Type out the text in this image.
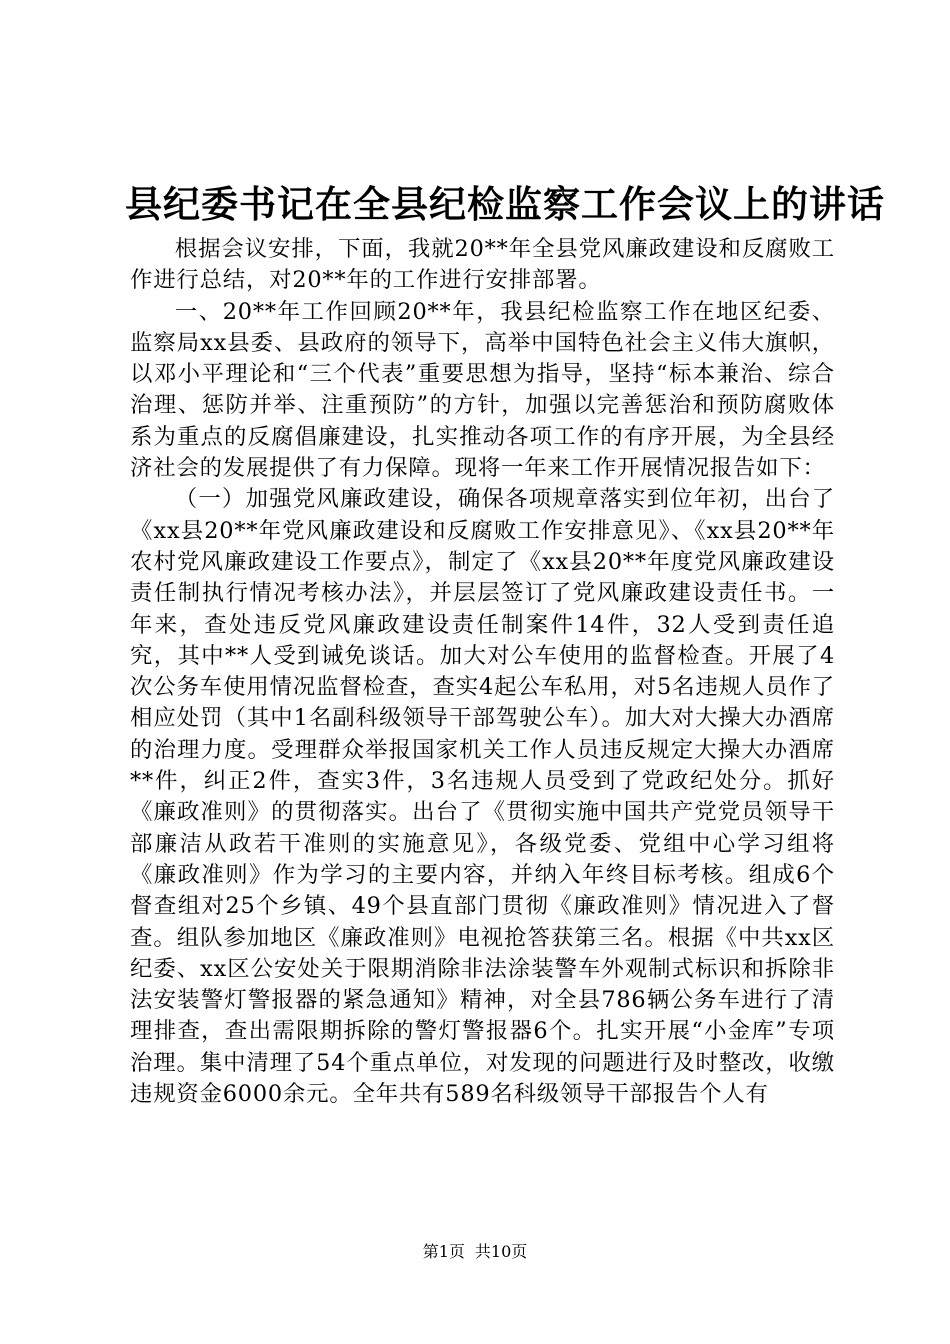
县纪委书记在全县纪检监察工作会议上的讲话

根据会议安排，下面，我就20**年全县党风廉政建设和反腐败工作进行总结，对20**年的工作进行安排部署。

一、20**年工作回顾20**年，我县纪检监察工作在地区纪委、监察局xx县委、县政府的领导下，高举中国特色社会主义伟大旗帜，以邓小平理论和“三个代表”重要思想为指导，坚持“标本兼治、综合治理、惩防并举、注重预防”的方针，加强以完善惩治和预防腐败体系为重点的反腐倡廉建设，扎实推动各项工作的有序开展，为全县经济社会的发展提供了有力保障。现将一年来工作开展情况报告如下：

（一）加强党风廉政建设，确保各项规章落实到位年初，出台了《xx县20**年党风廉政建设和反腐败工作安排意见》、《xx县20**年农村党风廉政建设工作要点》，制定了《xx县20**年度党风廉政建设责任制执行情况考核办法》，并层层签订了党风廉政建设责任书。一年来，查处违反党风廉政建设责任制案件14件，32人受到责任追究，其中**人受到诫免谈话。加大对公车使用的监督检查。开展了4次公务车使用情况监督检查，查实4起公车私用，对5名违规人员作了相应处罚（其中1名副科级领导干部驾驶公车）。加大对大操大办酒席的治理力度。受理群众举报国家机关工作人员违反规定大操大办酒席**件，纠正2件，查实3件，3名违规人员受到了党政纪处分。抓好《廉政准则》的贯彻落实。出台了《贯彻实施中国共产党党员领导干部廉洁从政若干准则的实施意见》，各级党委、党组中心学习组将《廉政准则》作为学习的主要内容，并纳入年终目标考核。组成6个督查组对25个乡镇、49个县直部门贯彻《廉政准则》情况进入了督查。组队参加地区《廉政准则》电视抢答获第三名。根据《中共xx区纪委、xx区公安处关于限期消除非法涂装警车外观制式标识和拆除非法安装警灯警报器的紧急通知》精神，对全县786辆公务车进行了清理排查，查出需限期拆除的警灯警报器6个。扎实开展“小金库”专项治理。集中清理了54个重点单位，对发现的问题进行及时整改，收缴违规资金6000余元。全年共有589名科级领导干部报告个人有

第1页 共10页
